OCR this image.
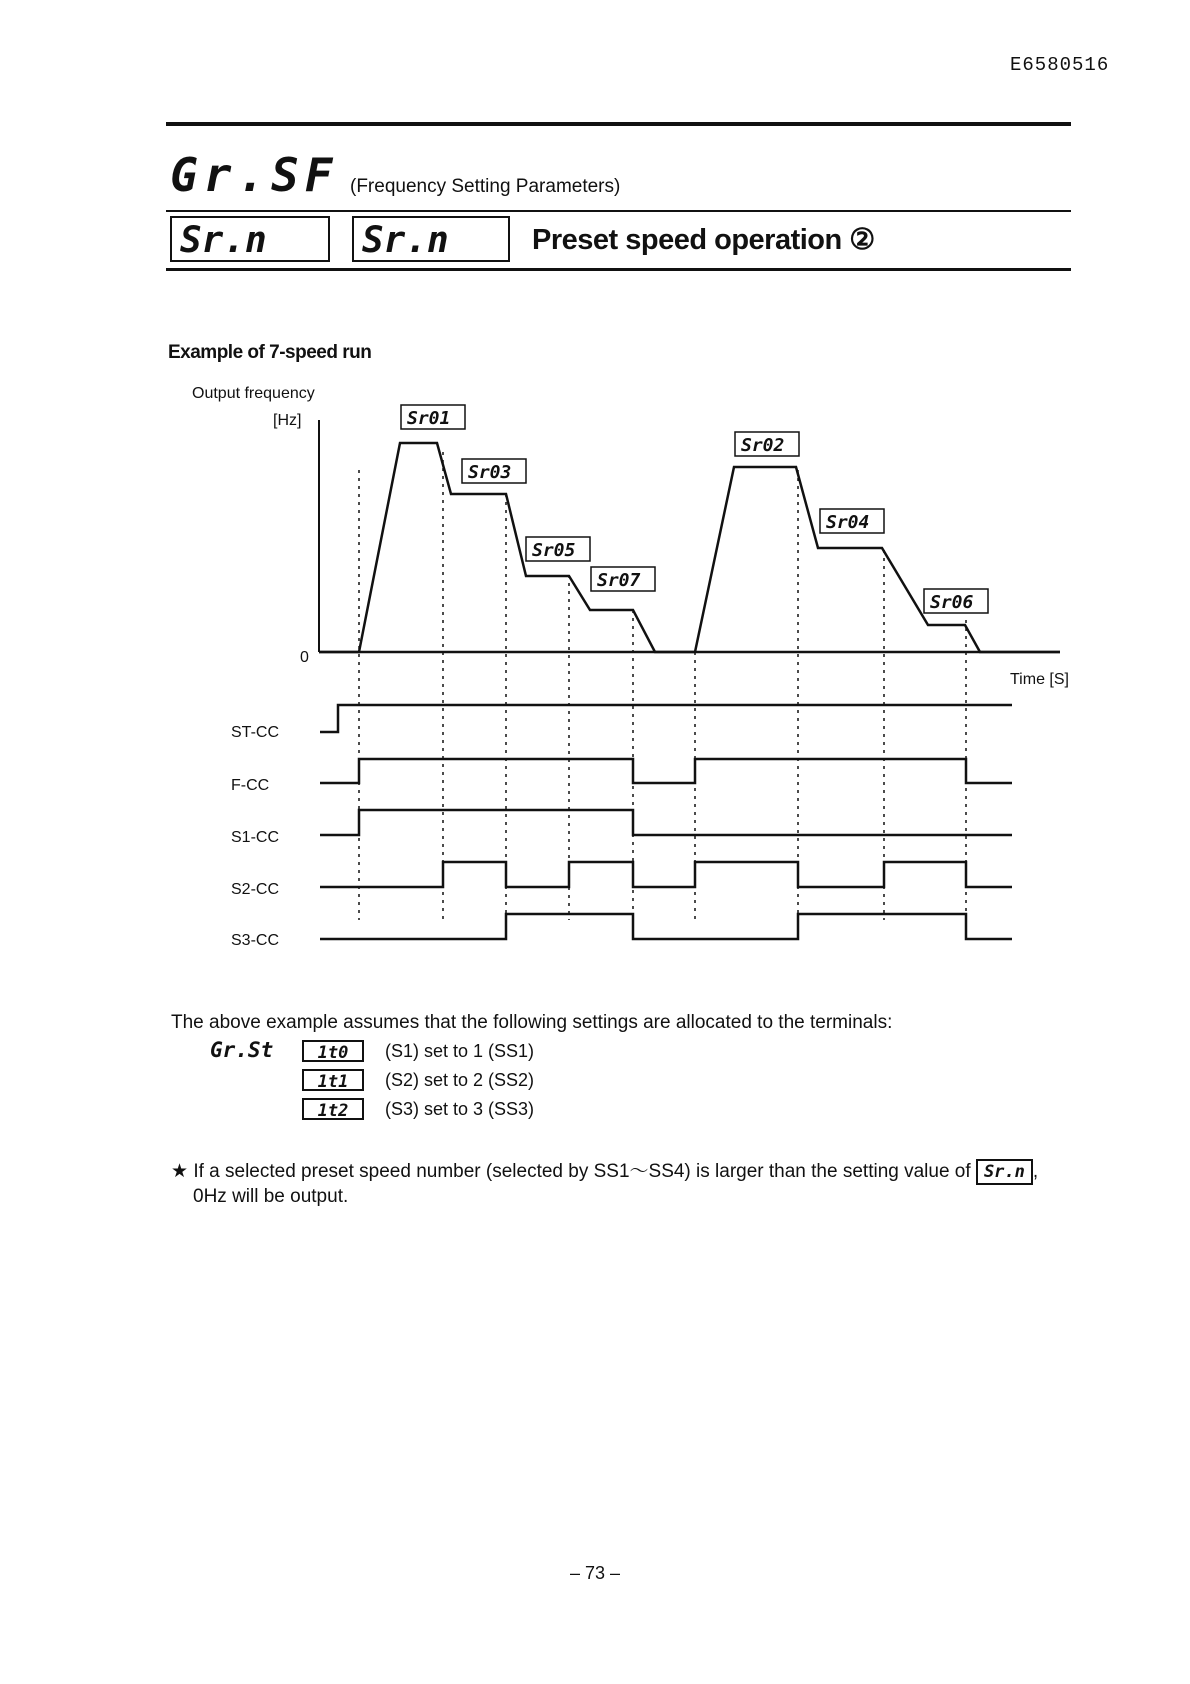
E6580516
Gr.SF (Frequency Setting Parameters)
Sr.n	Sr.n	Preset speed operation ②
Example of 7-speed run
Output frequency
[Hz]
0
Time [S]
Sr01
Sr03
Sr05
Sr07
Sr02
Sr04
Sr06
ST-CC
F-CC
S1-CC
S2-CC
S3-CC
The above example assumes that the following settings are allocated to the terminals:
Gr.St	1t0	(S1) set to 1 (SS1)
1t1	(S2) set to 2 (SS2)
1t2	(S3) set to 3 (SS3)
★ If a selected preset speed number (selected by SS1〜SS4) is larger than the setting value of Sr.n ,
0Hz will be output.
– 73 –
